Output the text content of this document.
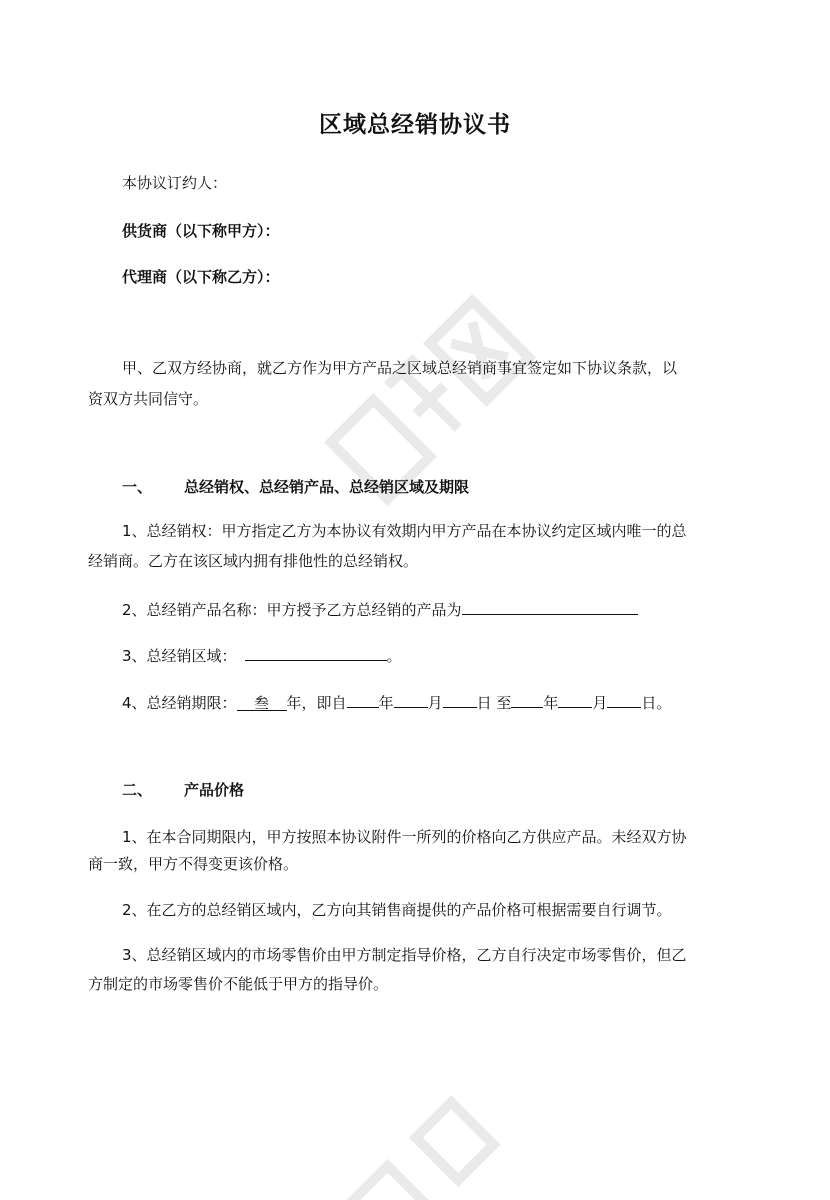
区域总经销协议书
本协议订约人：
供货商（以下称甲方）：
代理商（以下称乙方）：
甲、乙双方经协商，就乙方作为甲方产品之区域总经销商事宜签定如下协议条款，以
资双方共同信守。
一、 总经销权、总经销产品、总经销区域及期限
1、总经销权：甲方指定乙方为本协议有效期内甲方产品在本协议约定区域内唯一的总
经销商。乙方在该区域内拥有排他性的总经销权。
2、总经销产品名称：甲方授予乙方总经销的产品为
3、总经销区域：	。
4、总经销期限： 叁 年，即自 年 月 日 至 年 月 日。
二、 产品价格
1、在本合同期限内，甲方按照本协议附件一所列的价格向乙方供应产品。未经双方协
商一致，甲方不得变更该价格。
2、在乙方的总经销区域内，乙方向其销售商提供的产品价格可根据需要自行调节。
3、总经销区域内的市场零售价由甲方制定指导价格，乙方自行决定市场零售价，但乙
方制定的市场零售价不能低于甲方的指导价。
